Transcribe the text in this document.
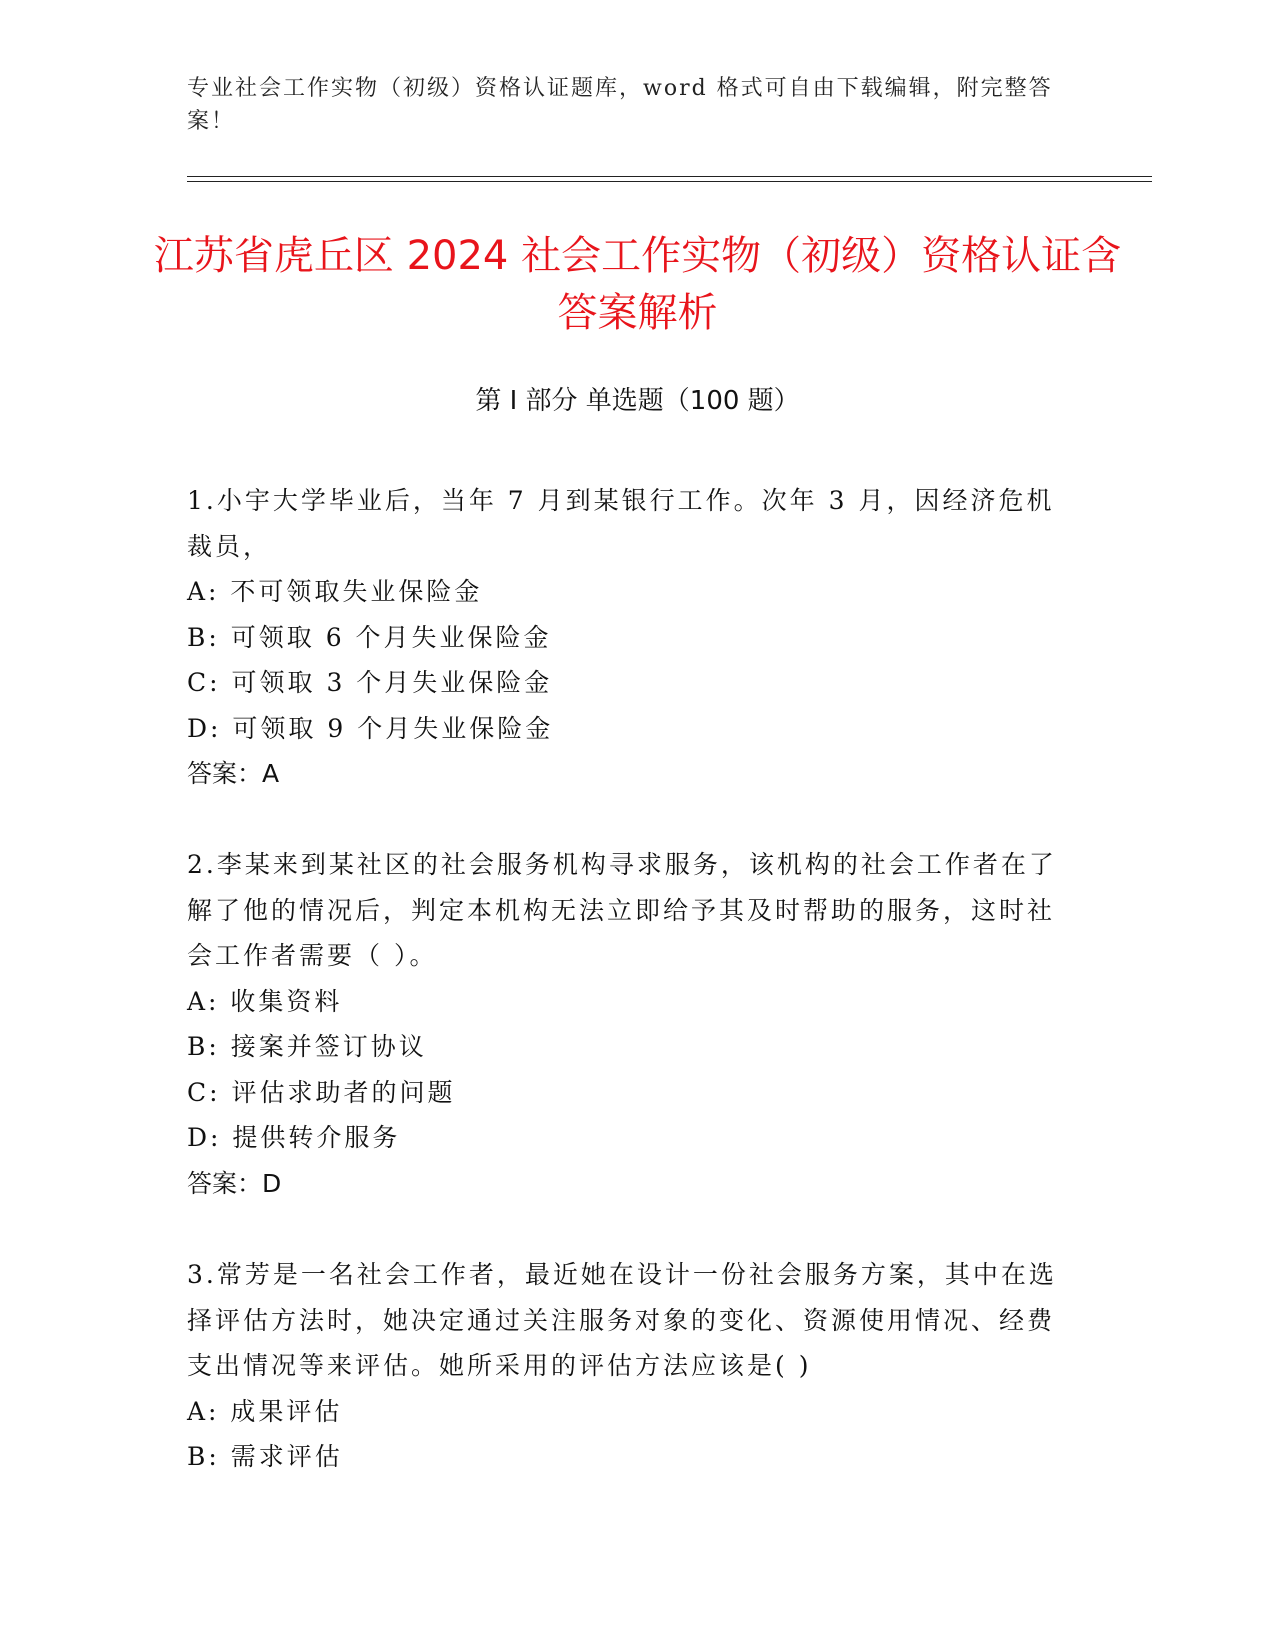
专业社会工作实物（初级）资格认证题库，word 格式可自由下载编辑，附完整答案！

江苏省虎丘区 2024 社会工作实物（初级）资格认证含答案解析
第 I 部分 单选题（100 题）

1.小宇大学毕业后，当年 7 月到某银行工作。次年 3 月，因经济危机裁员，

A: 不可领取失业保险金

B: 可领取 6 个月失业保险金

C: 可领取 3 个月失业保险金

D: 可领取 9 个月失业保险金

答案：A

2.李某来到某社区的社会服务机构寻求服务，该机构的社会工作者在了解了他的情况后，判定本机构无法立即给予其及时帮助的服务，这时社会工作者需要（ ）。

A: 收集资料

B: 接案并签订协议

C: 评估求助者的问题

D: 提供转介服务

答案：D

3.常芳是一名社会工作者，最近她在设计一份社会服务方案，其中在选择评估方法时，她决定通过关注服务对象的变化、资源使用情况、经费支出情况等来评估。她所采用的评估方法应该是( )

A: 成果评估

B: 需求评估
